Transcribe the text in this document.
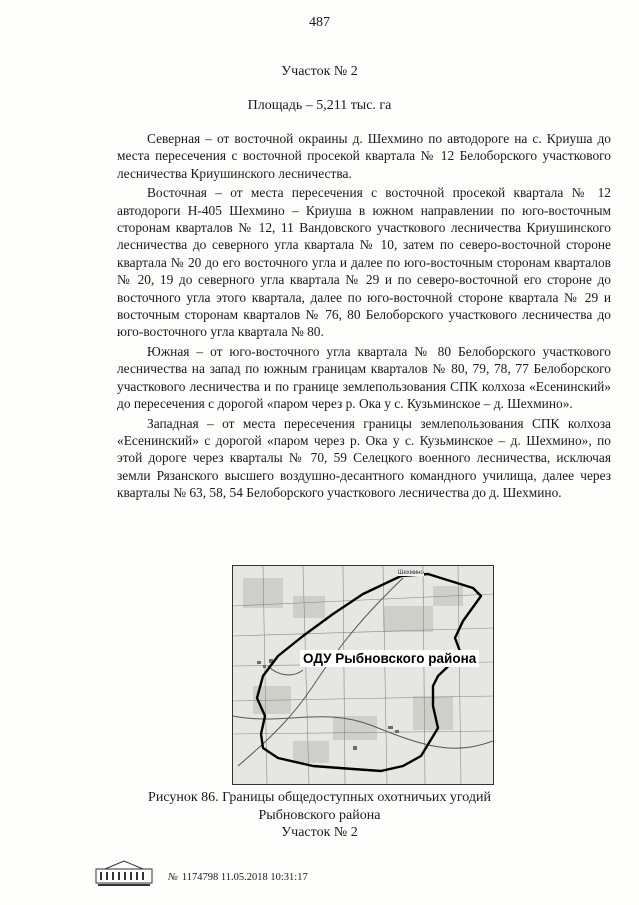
487
Участок № 2
Площадь – 5,211 тыс. га

Северная – от восточной окраины д. Шехмино по автодороге на с. Криуша до места пересечения с восточной просекой квартала № 12 Белоборского участкового лесничества Криушинского лесничества.

Восточная – от места пересечения с восточной просекой квартала № 12 автодороги Н-405 Шехмино – Криуша в южном направлении по юго-восточным сторонам кварталов № 12, 11 Вандовского участкового лесничества Криушинского лесничества до северного угла квартала № 10, затем по северо-восточной стороне квартала № 20 до его восточного угла и далее по юго-восточным сторонам кварталов № 20, 19 до северного угла квартала № 29 и по северо-восточной его стороне до восточного угла этого квартала, далее по юго-восточной стороне квартала № 29 и восточным сторонам кварталов № 76, 80 Белоборского участкового лесничества до юго-восточного угла квартала № 80.

Южная – от юго-восточного угла квартала № 80 Белоборского участкового лесничества на запад по южным границам кварталов № 80, 79, 78, 77 Белоборского участкового лесничества и по границе землепользования СПК колхоза «Есенинский» до пересечения с дорогой «паром через р. Ока у с. Кузьминское – д. Шехмино».

Западная – от места пересечения границы землепользования СПК колхоза «Есенинский» с дорогой «паром через р. Ока у с. Кузьминское – д. Шехмино», по этой дороге через кварталы № 70, 59 Селецкого военного лесничества, исключая земли Рязанского высшего воздушно-десантного командного училища, далее через кварталы № 63, 58, 54 Белоборского участкового лесничества до д. Шехмино.

Шехмино
ОДУ Рыбновского района
Рисунок 86. Границы общедоступных охотничьих угодий
Рыбновского района
Участок № 2
№ 1174798 11.05.2018 10:31:17
